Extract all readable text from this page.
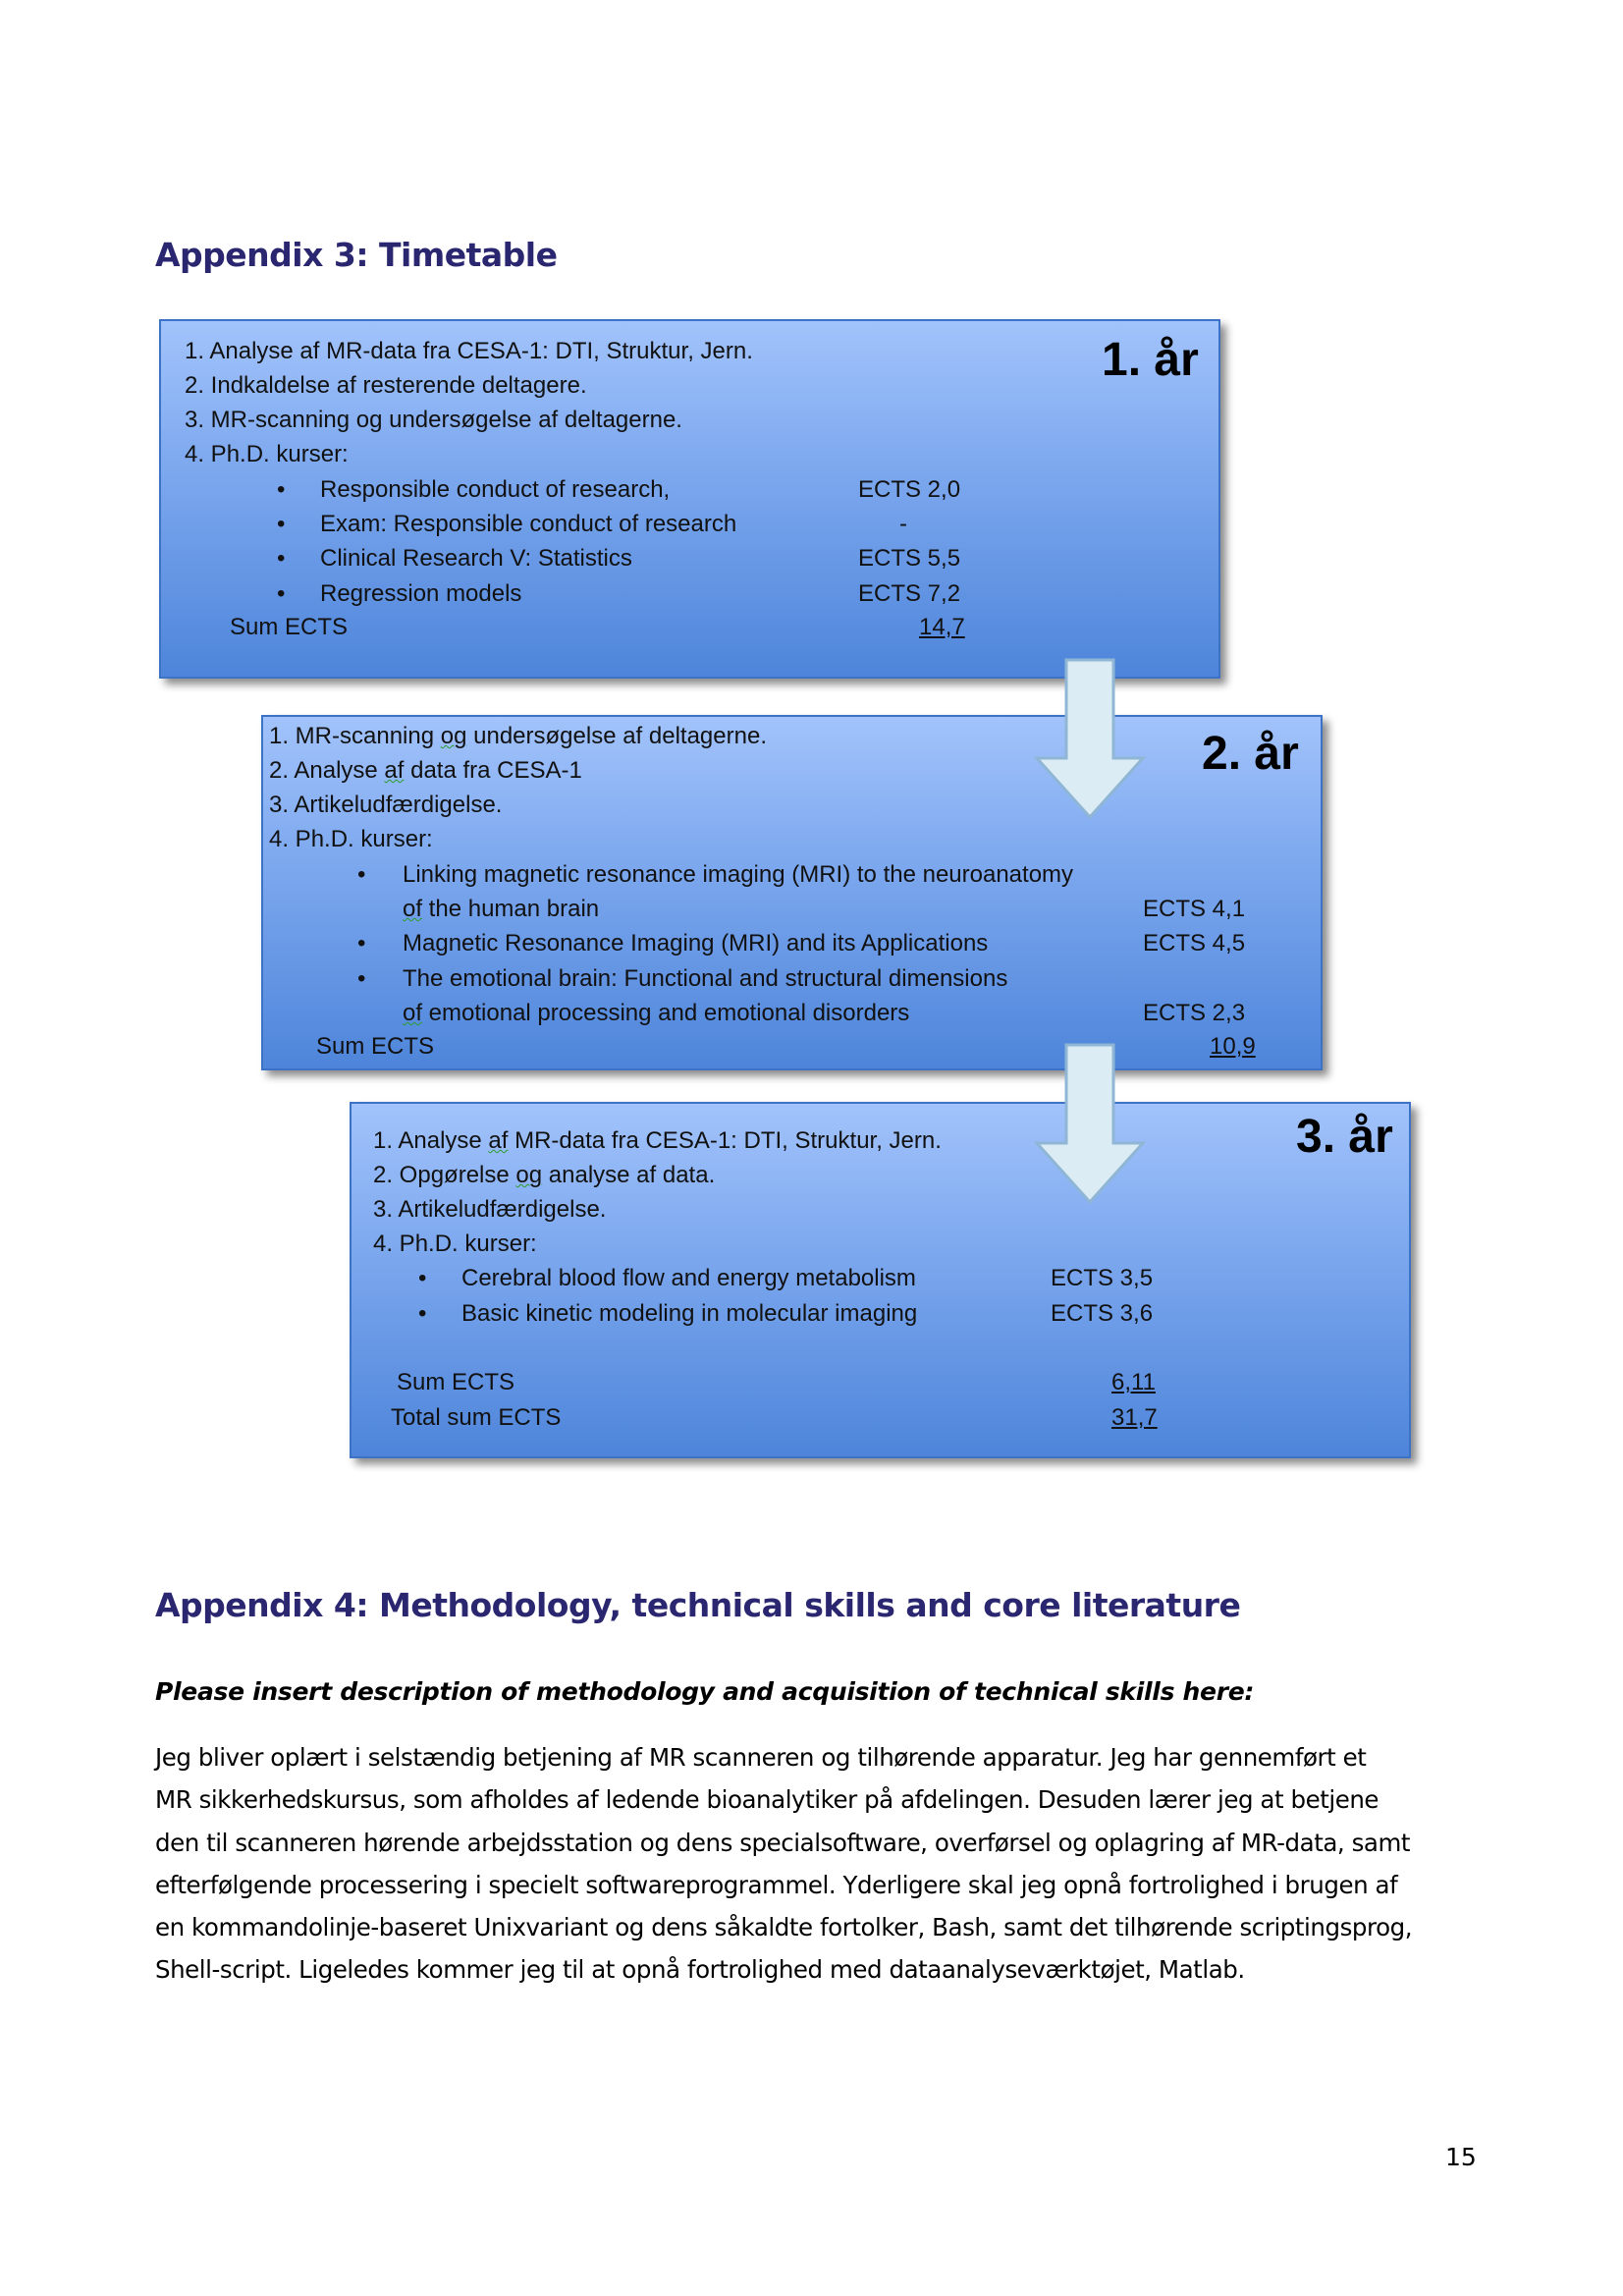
Appendix 3: Timetable
1. år
1. Analyse af MR-data fra CESA-1: DTI, Struktur, Jern.
2. Indkaldelse af resterende deltagere.
3. MR-scanning og undersøgelse af deltagerne.
4. Ph.D. kurser:
• Responsible conduct of research,	ECTS 2,0
• Exam: Responsible conduct of research	-
• Clinical Research V: Statistics	ECTS 5,5
• Regression models	ECTS 7,2
Sum ECTS	14,7
2. år
1. MR-scanning og undersøgelse af deltagerne.
2. Analyse af data fra CESA-1
3. Artikeludfærdigelse.
4. Ph.D. kurser:
• Linking magnetic resonance imaging (MRI) to the neuroanatomy
of the human brain	ECTS 4,1
• Magnetic Resonance Imaging (MRI) and its Applications	ECTS 4,5
• The emotional brain: Functional and structural dimensions
of emotional processing and emotional disorders	ECTS 2,3
Sum ECTS	10,9
3. år
1. Analyse af MR-data fra CESA-1: DTI, Struktur, Jern.
2. Opgørelse og analyse af data.
3. Artikeludfærdigelse.
4. Ph.D. kurser:
• Cerebral blood flow and energy metabolism	ECTS 3,5
• Basic kinetic modeling in molecular imaging	ECTS 3,6
Sum ECTS	6,11
Total sum ECTS	31,7
Appendix 4: Methodology, technical skills and core literature

Please insert description of methodology and acquisition of technical skills here:

Jeg bliver oplært i selstændig betjening af MR scanneren og tilhørende apparatur. Jeg har gennemført et
MR sikkerhedskursus, som afholdes af ledende bioanalytiker på afdelingen. Desuden lærer jeg at betjene
den til scanneren hørende arbejdsstation og dens specialsoftware, overførsel og oplagring af MR-data, samt
efterfølgende processering i specielt softwareprogrammel. Yderligere skal jeg opnå fortrolighed i brugen af
en kommandolinje-baseret Unixvariant og dens såkaldte fortolker, Bash, samt det tilhørende scriptingsprog,
Shell-script. Ligeledes kommer jeg til at opnå fortrolighed med dataanalyseværktøjet, Matlab.

15
